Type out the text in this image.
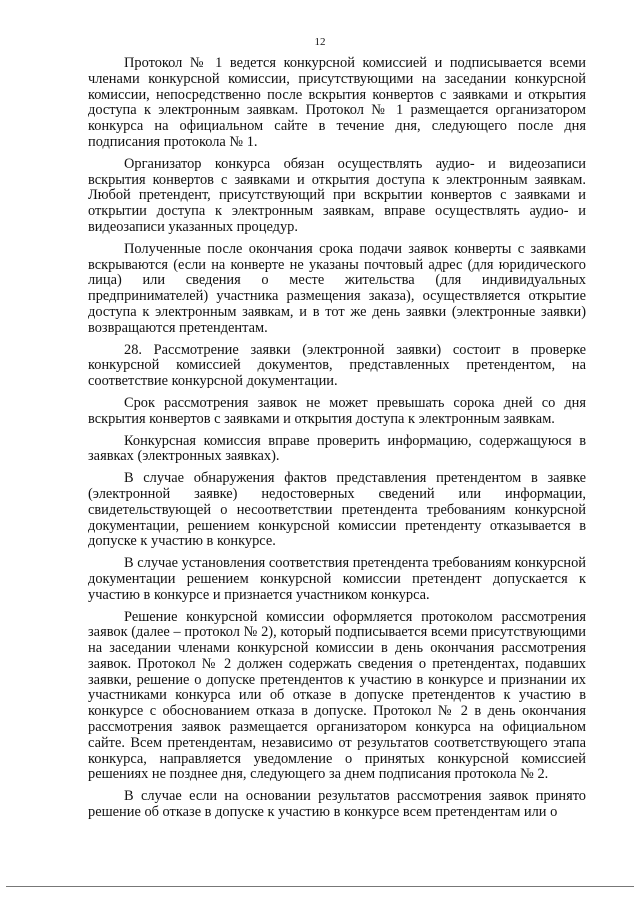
12

Протокол № 1 ведется конкурсной комиссией и подписывается всеми членами конкурсной комиссии, присутствующими на заседании конкурсной комиссии, непосредственно после вскрытия конвертов с заявками и открытия доступа к электронным заявкам. Протокол № 1 размещается организатором конкурса на официальном сайте в течение дня, следующего после дня подписания протокола № 1.

Организатор конкурса обязан осуществлять аудио- и видеозаписи вскрытия конвертов с заявками и открытия доступа к электронным заявкам. Любой претендент, присутствующий при вскрытии конвертов с заявками и открытии доступа к электронным заявкам, вправе осуществлять аудио- и видеозаписи указанных процедур.

Полученные после окончания срока подачи заявок конверты с заявками вскрываются (если на конверте не указаны почтовый адрес (для юридического лица) или сведения о месте жительства (для индивидуальных предпринимателей) участника размещения заказа), осуществляется открытие доступа к электронным заявкам, и в тот же день заявки (электронные заявки) возвращаются претендентам.

28. Рассмотрение заявки (электронной заявки) состоит в проверке конкурсной комиссией документов, представленных претендентом, на соответствие конкурсной документации.

Срок рассмотрения заявок не может превышать сорока дней со дня вскрытия конвертов с заявками и открытия доступа к электронным заявкам.

Конкурсная комиссия вправе проверить информацию, содержащуюся в заявках (электронных заявках).

В случае обнаружения фактов представления претендентом в заявке (электронной заявке) недостоверных сведений или информации, свидетельствующей о несоответствии претендента требованиям конкурсной документации, решением конкурсной комиссии претенденту отказывается в допуске к участию в конкурсе.

В случае установления соответствия претендента требованиям конкурсной документации решением конкурсной комиссии претендент допускается к участию в конкурсе и признается участником конкурса.

Решение конкурсной комиссии оформляется протоколом рассмотрения заявок (далее – протокол № 2), который подписывается всеми присутствующими на заседании членами конкурсной комиссии в день окончания рассмотрения заявок. Протокол № 2 должен содержать сведения о претендентах, подавших заявки, решение о допуске претендентов к участию в конкурсе и признании их участниками конкурса или об отказе в допуске претендентов к участию в конкурсе с обоснованием отказа в допуске. Протокол № 2 в день окончания рассмотрения заявок размещается организатором конкурса на официальном сайте. Всем претендентам, независимо от результатов соответствующего этапа конкурса, направляется уведомление о принятых конкурсной комиссией решениях не позднее дня, следующего за днем подписания протокола № 2.

В случае если на основании результатов рассмотрения заявок принято решение об отказе в допуске к участию в конкурсе всем претендентам или о
